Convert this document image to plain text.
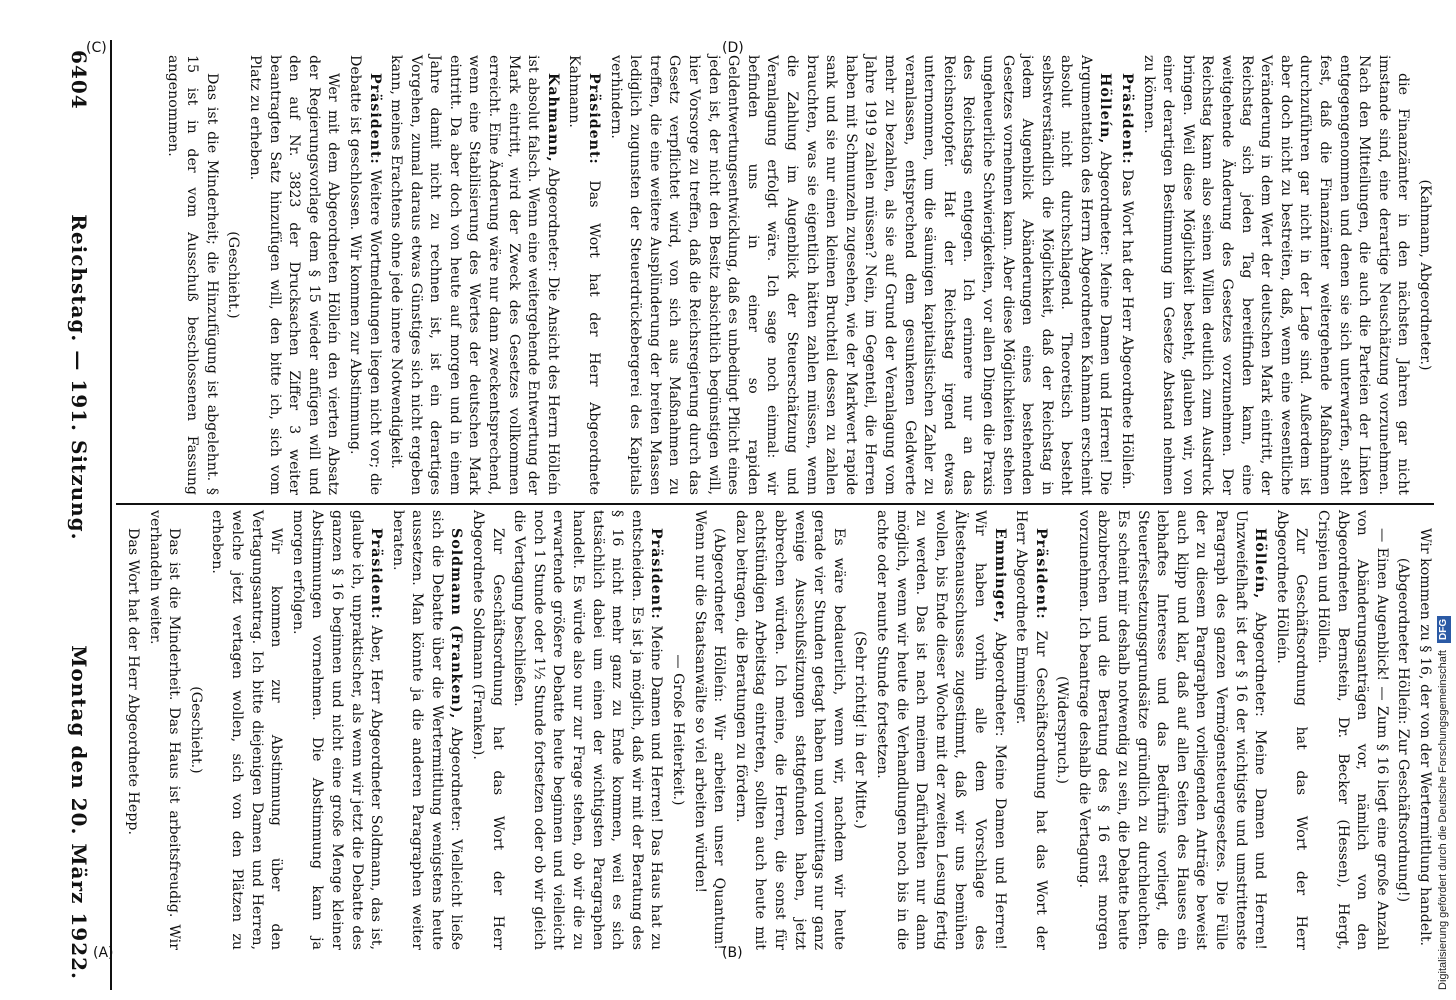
6404
Reichstag. — 191. Sitzung.
Montag den 20. März 1922.

(Kahmann, Abgeordneter.)

die Finanzämter in den nächsten Jahren gar nicht imstande sind, eine derartige Neuschätzung vorzunehmen. Nach den Mitteilungen, die auch die Parteien der Linken entgegengenommen und denen sie sich unterwarfen, steht fest, daß die Finanzämter weitergehende Maßnahmen durchzuführen gar nicht in der Lage sind. Außerdem ist aber doch nicht zu bestreiten, daß, wenn eine wesentliche Veränderung in dem Wert der deutschen Mark eintritt, der Reichstag sich jeden Tag bereitfinden kann, eine weitgehende Änderung des Gesetzes vorzunehmen. Der Reichstag kann also seinen Willen deutlich zum Ausdruck bringen. Weil diese Möglichkeit besteht, glauben wir, von einer derartigen Bestimmung im Gesetze Abstand nehmen zu können.

Präsident: Das Wort hat der Herr Abgeordnete Hölleín.

Hölleín, Abgeordneter: Meine Damen und Herren! Die Argumentation des Herrn Abgeordneten Kahmann erscheint absolut nicht durchschlagend. Theoretisch besteht selbstverständlich die Möglichkeit, daß der Reichstag in jedem Augenblick Abänderungen eines bestehenden Gesetzes vornehmen kann. Aber diese Möglichkeiten stehen ungeheuerliche Schwierigkeiten, vor allen Dingen die Praxis des Reichstags entgegen. Ich erinnere nur an das Reichsnotopfer. Hat der Reichstag irgend etwas unternommen, um die säumigen kapitalistischen Zahler zu veranlassen, entsprechend dem gesunkenen Geldwerte mehr zu bezahlen, als sie auf Grund der Veranlagung vom Jahre 1919 zahlen müssen? Nein, im Gegenteil, die Herren haben mit Schmunzeln zugesehen, wie der Markwert rapide sank und sie nur einen kleinen Bruchteil dessen zu zahlen brauchten, was sie eigentlich hätten zahlen müssen, wenn die Zahlung im Augenblick der Steuerschätzung und Veranlagung erfolgt wäre. Ich sage noch einmal: wir befinden uns in einer so rapiden Geldentwertungsentwicklung, daß es unbedingt Pflicht eines jeden ist, der nicht den Besitz absichtlich begünstigen will, hier Vorsorge zu treffen, daß die Reichsregierung durch das Gesetz verpflichtet wird, von sich aus Maßnahmen zu treffen, die eine weitere Ausplünderung der breiten Massen lediglich zugunsten der Steuerdrückebergerei des Kapitals verhindern.

Präsident: Das Wort hat der Herr Abgeordnete Kahmann.

Kahmann, Abgeordneter: Die Ansicht des Herrn Hölleín ist absolut falsch. Wenn eine weitergehende Entwertung der Mark eintritt, wird der Zweck des Gesetzes vollkommen erreicht. Eine Änderung wäre nur dann zweckentsprechend, wenn eine Stabilisierung des Wertes der deutschen Mark eintritt. Da aber doch von heute auf morgen und in einem Jahre damit nicht zu rechnen ist, ist ein derartiges Vorgehen, zumal daraus etwas Günstiges sich nicht ergeben kann, meines Erachtens ohne jede innere Notwendigkeit.

Präsident: Weitere Wortmeldungen liegen nicht vor; die Debatte ist geschlossen. Wir kommen zur Abstimmung.

Wer mit dem Abgeordneten Hölleín den vierten Absatz der Regierungsvorlage dem § 15 wieder anfügen will und den auf Nr. 3823 der Drucksachen Ziffer 3 weiter beantragten Satz hinzufügen will, den bitte ich, sich vom Platz zu erheben.

(Geschieht.)

Das ist die Minderheit; die Hinzufügung ist abgelehnt. § 15 ist in der vom Ausschuß beschlossenen Fassung angenommen.

Wir kommen zu § 16, der von der Wertermittlung handelt.

(Abgeordneter Hölleín: Zur Geschäftsordnung!)

— Einen Augenblick! — Zum § 16 liegt eine große Anzahl von Abänderungsanträgen vor, nämlich von den Abgeordneten Bernstein, Dr. Becker (Hessen), Hergt, Crispien und Hölleín.

Zur Geschäftsordnung hat das Wort der Herr Abgeordnete Hölleín.

Hölleín, Abgeordneter: Meine Damen und Herren! Unzweifelhaft ist der § 16 der wichtigste und umstrittenste Paragraph des ganzen Vermögensteuergesetzes. Die Fülle der zu diesem Paragraphen vorliegenden Anträge beweist auch klipp und klar, daß auf allen Seiten des Hauses ein lebhaftes Interesse und das Bedürfnis vorliegt, die Steuerfestsetzungsgrundsätze gründlich zu durchleuchten. Es scheint mir deshalb notwendig zu sein, die Debatte heute abzubrechen und die Beratung des § 16 erst morgen vorzunehmen. Ich beantrage deshalb die Vertagung.

(Widerspruch.)

Präsident: Zur Geschäftsordnung hat das Wort der Herr Abgeordnete Emminger.

Emminger, Abgeordneter: Meine Damen und Herren! Wir haben vorhin alle dem Vorschlage des Ältestenausschusses zugestimmt, daß wir uns bemühen wollen, bis Ende dieser Woche mit der zweiten Lesung fertig zu werden. Das ist nach meinem Dafürhalten nur dann möglich, wenn wir heute die Verhandlungen noch bis in die achte oder neunte Stunde fortsetzen.

(Sehr richtig! in der Mitte.)

Es wäre bedauerlich, wenn wir, nachdem wir heute gerade vier Stunden getagt haben und vormittags nur ganz wenige Ausschußsitzungen stattgefunden haben, jetzt abbrechen würden. Ich meine, die Herren, die sonst für achtstündigen Arbeitstag eintreten, sollten auch heute mit dazu beitragen, die Beratungen zu fördern.

(Abgeordneter Hölleín: Wir arbeiten unser Quantum! Wenn nur die Staatsanwälte so viel arbeiten würden!

— Große Heiterkeit.)

Präsident: Meine Damen und Herren! Das Haus hat zu entscheiden. Es ist ja möglich, daß wir mit der Beratung des § 16 nicht mehr ganz zu Ende kommen, weil es sich tatsächlich dabei um einen der wichtigsten Paragraphen handelt. Es würde also nur zur Frage stehen, ob wir die zu erwartende größere Debatte heute beginnen und vielleicht noch 1 Stunde oder 1½ Stunde fortsetzen oder ob wir gleich die Vertagung beschließen.

Zur Geschäftsordnung hat das Wort der Herr Abgeordnete Soldmann (Franken).

Soldmann (Franken), Abgeordneter: Vielleicht ließe sich die Debatte über die Wertermittlung wenigstens heute aussetzen. Man könnte ja die anderen Paragraphen weiter beraten.

Präsident: Aber, Herr Abgeordneter Soldmann, das ist, glaube ich, unpraktischer, als wenn wir jetzt die Debatte des ganzen § 16 beginnen und nicht eine große Menge kleiner Abstimmungen vornehmen. Die Abstimmung kann ja morgen erfolgen.

Wir kommen zur Abstimmung über den Vertagungsantrag. Ich bitte diejenigen Damen und Herren, welche jetzt vertagen wollen, sich von den Plätzen zu erheben.

(Geschieht.)

Das ist die Minderheit. Das Haus ist arbeitsfreudig. Wir verhandeln weiter.

Das Wort hat der Herr Abgeordnete Hepp.

(A)	(B)
(C)	(D)
Digitalisierung gefördert durch die Deutsche Forschungsgemeinschaft DFG
